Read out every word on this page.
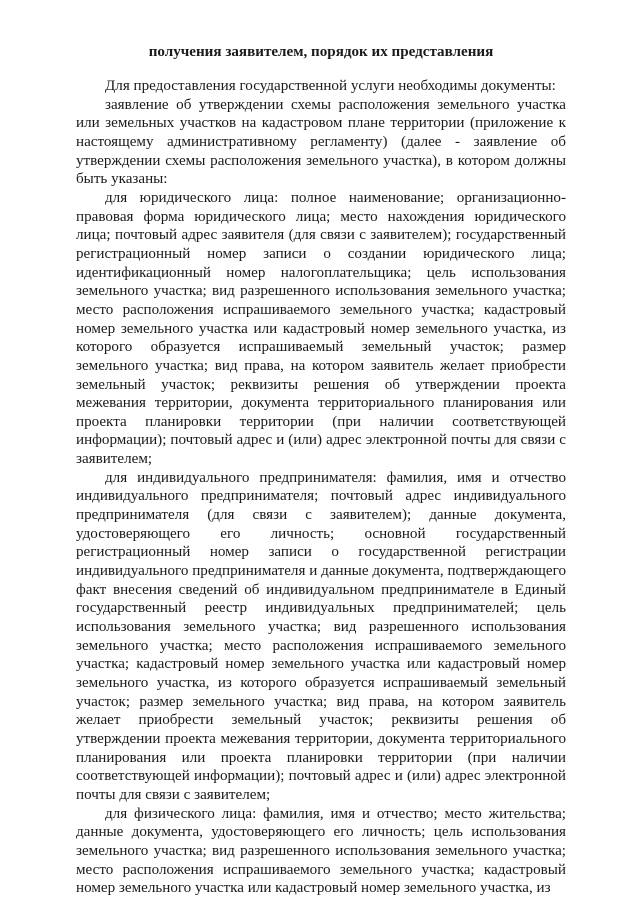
получения заявителем, порядок их представления

Для предоставления государственной услуги необходимы документы:

заявление об утверждении схемы расположения земельного участка или земельных участков на кадастровом плане территории (приложение к настоящему административному регламенту) (далее - заявление об утверждении схемы расположения земельного участка), в котором должны быть указаны:

для юридического лица: полное наименование; организационно-правовая форма юридического лица; место нахождения юридического лица; почтовый адрес заявителя (для связи с заявителем); государственный регистрационный номер записи о создании юридического лица; идентификационный номер налогоплательщика; цель использования земельного участка; вид разрешенного использования земельного участка; место расположения испрашиваемого земельного участка; кадастровый номер земельного участка или кадастровый номер земельного участка, из которого образуется испрашиваемый земельный участок; размер земельного участка; вид права, на котором заявитель желает приобрести земельный участок; реквизиты решения об утверждении проекта межевания территории, документа территориального планирования или проекта планировки территории (при наличии соответствующей информации); почтовый адрес и (или) адрес электронной почты для связи с заявителем;

для индивидуального предпринимателя: фамилия, имя и отчество индивидуального предпринимателя; почтовый адрес индивидуального предпринимателя (для связи с заявителем); данные документа, удостоверяющего его личность; основной государственный регистрационный номер записи о государственной регистрации индивидуального предпринимателя и данные документа, подтверждающего факт внесения сведений об индивидуальном предпринимателе в Единый государственный реестр индивидуальных предпринимателей; цель использования земельного участка; вид разрешенного использования земельного участка; место расположения испрашиваемого земельного участка; кадастровый номер земельного участка или кадастровый номер земельного участка, из которого образуется испрашиваемый земельный участок; размер земельного участка; вид права, на котором заявитель желает приобрести земельный участок; реквизиты решения об утверждении проекта межевания территории, документа территориального планирования или проекта планировки территории (при наличии соответствующей информации); почтовый адрес и (или) адрес электронной почты для связи с заявителем;

для физического лица: фамилия, имя и отчество; место жительства; данные документа, удостоверяющего его личность; цель использования земельного участка; вид разрешенного использования земельного участка; место расположения испрашиваемого земельного участка; кадастровый номер земельного участка или кадастровый номер земельного участка, из
